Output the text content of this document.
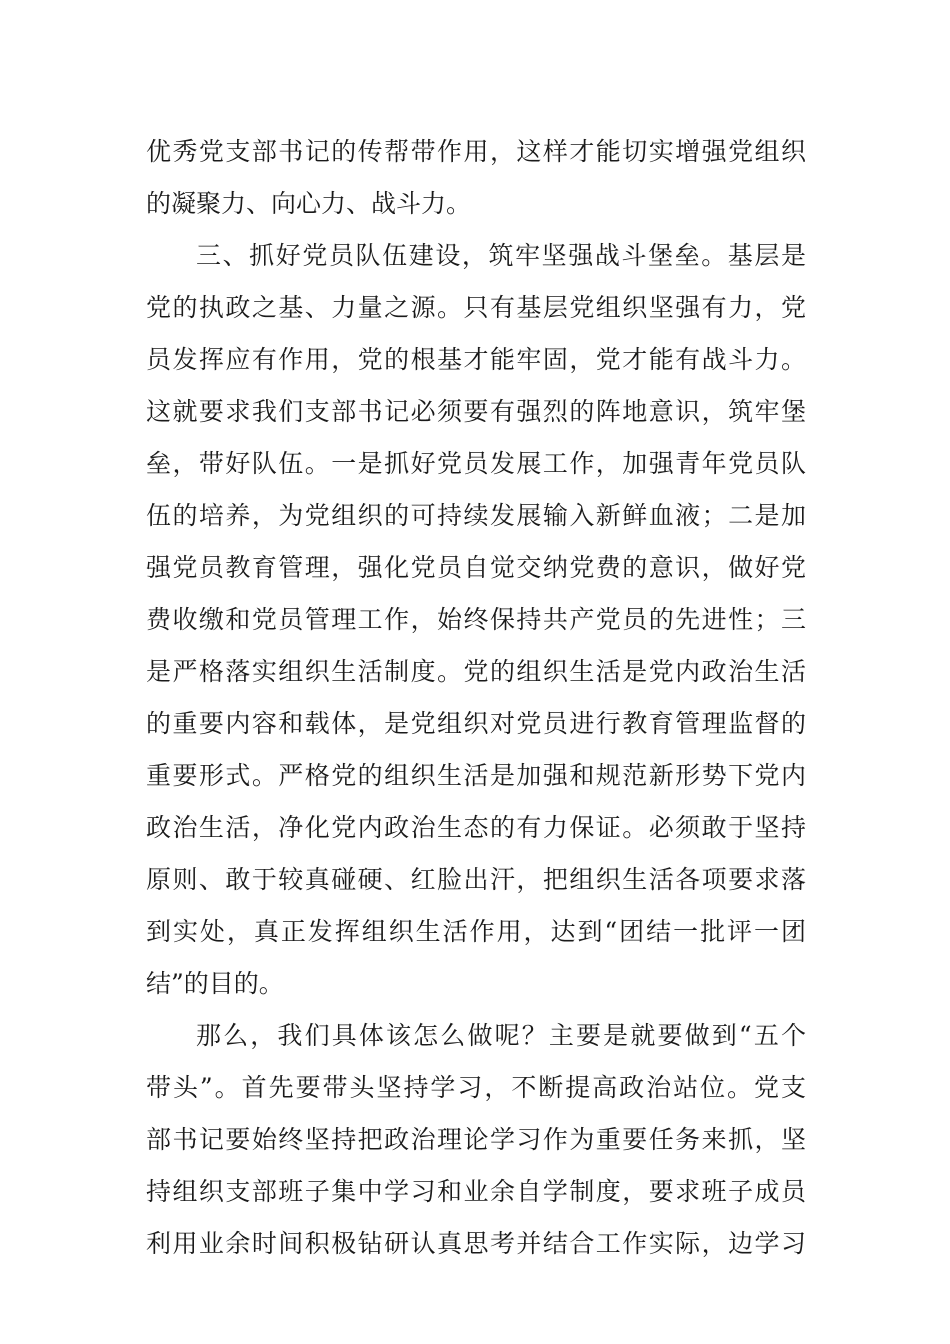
优秀党支部书记的传帮带作用，这样才能切实增强党组织
的凝聚力、向心力、战斗力。
三、抓好党员队伍建设，筑牢坚强战斗堡垒。基层是
党的执政之基、力量之源。只有基层党组织坚强有力，党
员发挥应有作用，党的根基才能牢固，党才能有战斗力。
这就要求我们支部书记必须要有强烈的阵地意识，筑牢堡
垒，带好队伍。一是抓好党员发展工作，加强青年党员队
伍的培养，为党组织的可持续发展输入新鲜血液；二是加
强党员教育管理，强化党员自觉交纳党费的意识，做好党
费收缴和党员管理工作，始终保持共产党员的先进性；三
是严格落实组织生活制度。党的组织生活是党内政治生活
的重要内容和载体，是党组织对党员进行教育管理监督的
重要形式。严格党的组织生活是加强和规范新形势下党内
政治生活，净化党内政治生态的有力保证。必须敢于坚持
原则、敢于较真碰硬、红脸出汗，把组织生活各项要求落
到实处，真正发挥组织生活作用，达到“团结一批评一团
结”的目的。
那么，我们具体该怎么做呢？主要是就要做到“五个
带头”。首先要带头坚持学习，不断提高政治站位。党支
部书记要始终坚持把政治理论学习作为重要任务来抓，坚
持组织支部班子集中学习和业余自学制度，要求班子成员
利用业余时间积极钻研认真思考并结合工作实际，边学习
